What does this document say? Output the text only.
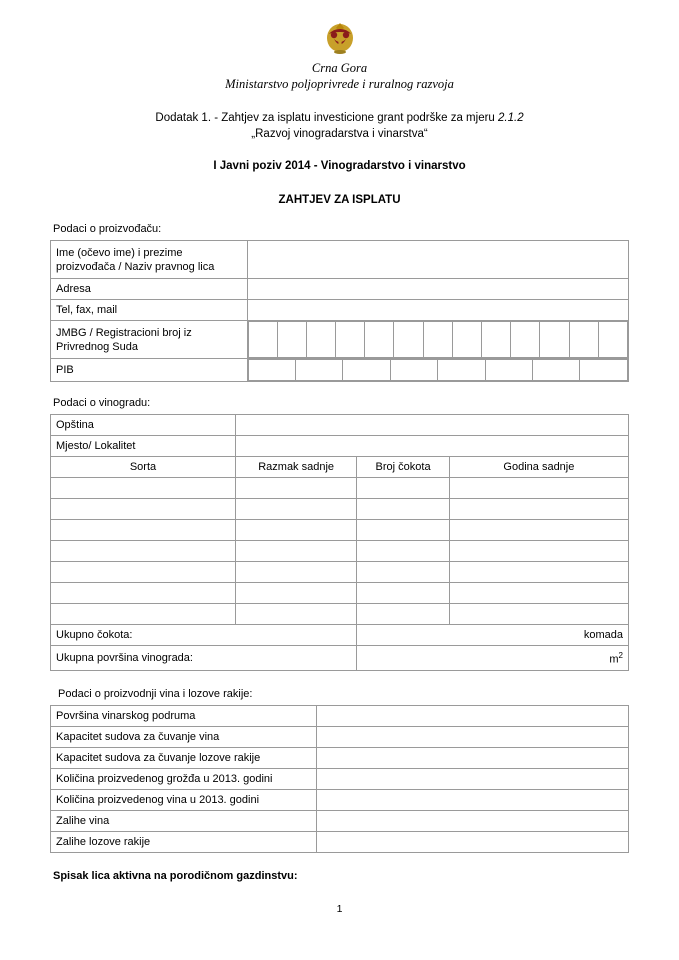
Crna Gora
Ministarstvo poljoprivrede i ruralnog razvoja
Dodatak 1. - Zahtjev za isplatu investicione grant podrške za mjeru 2.1.2
„Razvoj vinogradarstva i vinarstva“
I Javni poziv 2014 - Vinogradarstvo i vinarstvo
ZAHTJEV ZA ISPLATU
Podaci o proizvođaču:
Ime (očevo ime) i prezime proizvođača / Naziv pravnog lica	
Adresa	
Tel, fax, mail	
JMBG / Registracioni broj iz Privrednog Suda	

PIB	

Podaci o vinogradu:
Opština			
Mjesto/ Lokalitet			
Sorta	Razmak sadnje	Broj čokota	Godina sadnje

Ukupno čokota:		komada	
Ukupna površina vinograda:		$m^2$
Podaci o proizvodnji vina i lozove rakije:
Površina vinarskog podruma	
Kapacitet sudova za čuvanje vina	
Kapacitet sudova za čuvanje lozove rakije	
Količina proizvedenog grožđa u 2013. godini	
Količina proizvedenog vina u 2013. godini	
Zalihe vina	
Zalihe lozove rakije	
Spisak lica aktivna na porodičnom gazdinstvu:
1
